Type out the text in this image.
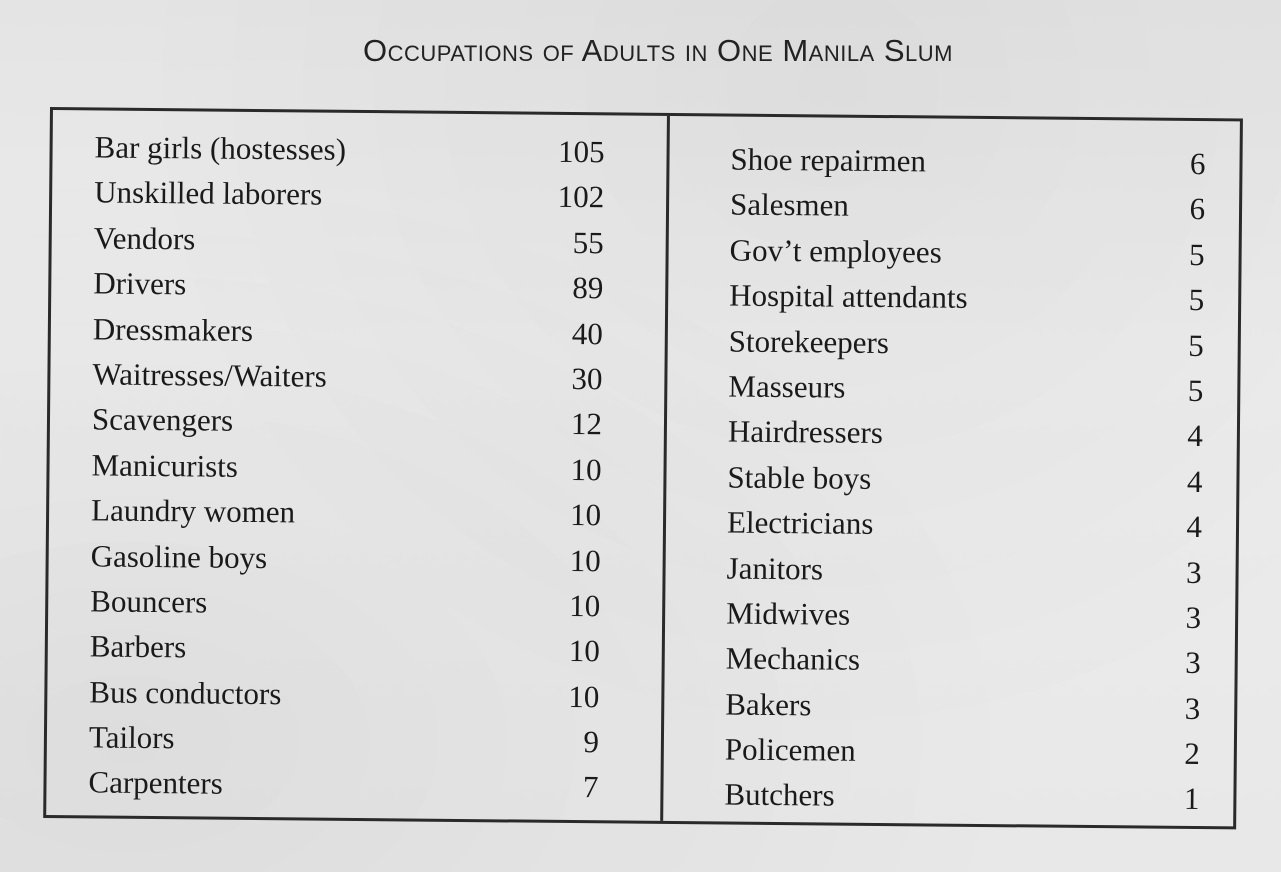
Occupations of Adults in One Manila Slum
Bar girls (hostesses)	105
Unskilled laborers	102
Vendors	55
Drivers	89
Dressmakers	40
Waitresses/Waiters	30
Scavengers	12
Manicurists	10
Laundry women	10
Gasoline boys	10
Bouncers	10
Barbers	10
Bus conductors	10
Tailors	9
Carpenters	7
Shoe repairmen	6
Salesmen	6
Gov’t employees	5
Hospital attendants	5
Storekeepers	5
Masseurs	5
Hairdressers	4
Stable boys	4
Electricians	4
Janitors	3
Midwives	3
Mechanics	3
Bakers	3
Policemen	2
Butchers	1
